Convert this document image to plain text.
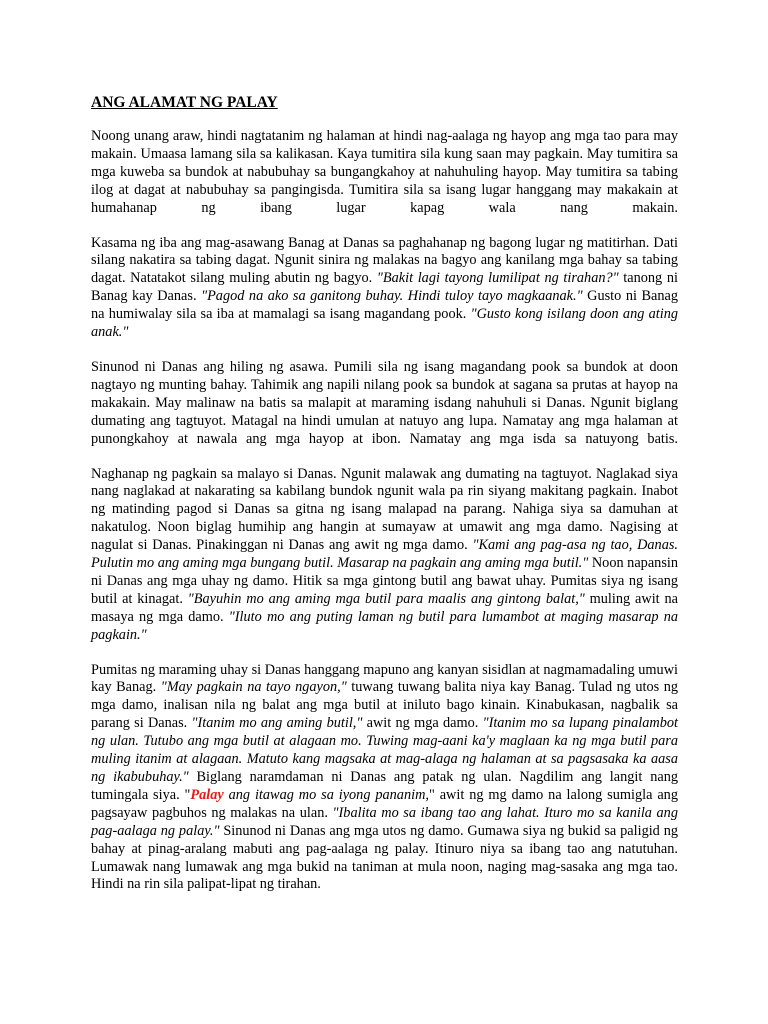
ANG ALAMAT NG PALAY

Noong unang araw, hindi nagtatanim ng halaman at hindi nag-aalaga ng hayop ang mga tao para may makain. Umaasa lamang sila sa kalikasan. Kaya tumitira sila kung saan may pagkain. May tumitira sa mga kuweba sa bundok at nabubuhay sa bungangkahoy at nahuhuling hayop. May tumitira sa tabing ilog at dagat at nabubuhay sa pangingisda. Tumitira sila sa isang lugar hanggang may makakain at humahanap ng ibang lugar kapag wala nang makain.

Kasama ng iba ang mag-asawang Banag at Danas sa paghahanap ng bagong lugar ng matitirhan. Dati silang nakatira sa tabing dagat. Ngunit sinira ng malakas na bagyo ang kanilang mga bahay sa tabing dagat. Natatakot silang muling abutin ng bagyo. "Bakit lagi tayong lumilipat ng tirahan?" tanong ni Banag kay Danas. "Pagod na ako sa ganitong buhay. Hindi tuloy tayo magkaanak." Gusto ni Banag na humiwalay sila sa iba at mamalagi sa isang magandang pook. "Gusto kong isilang doon ang ating anak."

Sinunod ni Danas ang hiling ng asawa. Pumili sila ng isang magandang pook sa bundok at doon nagtayo ng munting bahay. Tahimik ang napili nilang pook sa bundok at sagana sa prutas at hayop na makakain. May malinaw na batis sa malapit at maraming isdang nahuhuli si Danas. Ngunit biglang dumating ang tagtuyot. Matagal na hindi umulan at natuyo ang lupa. Namatay ang mga halaman at punongkahoy at nawala ang mga hayop at ibon. Namatay ang mga isda sa natuyong batis.

Naghanap ng pagkain sa malayo si Danas. Ngunit malawak ang dumating na tagtuyot. Naglakad siya nang naglakad at nakarating sa kabilang bundok ngunit wala pa rin siyang makitang pagkain. Inabot ng matinding pagod si Danas sa gitna ng isang malapad na parang. Nahiga siya sa damuhan at nakatulog. Noon biglag humihip ang hangin at sumayaw at umawit ang mga damo. Nagising at nagulat si Danas. Pinakinggan ni Danas ang awit ng mga damo. "Kami ang pag-asa ng tao, Danas. Pulutin mo ang aming mga bungang butil. Masarap na pagkain ang aming mga butil." Noon napansin ni Danas ang mga uhay ng damo. Hitik sa mga gintong butil ang bawat uhay. Pumitas siya ng isang butil at kinagat. "Bayuhin mo ang aming mga butil para maalis ang gintong balat," muling awit na masaya ng mga damo. "Iluto mo ang puting laman ng butil para lumambot at maging masarap na pagkain."

Pumitas ng maraming uhay si Danas hanggang mapuno ang kanyan sisidlan at nagmamadaling umuwi kay Banag. "May pagkain na tayo ngayon," tuwang tuwang balita niya kay Banag. Tulad ng utos ng mga damo, inalisan nila ng balat ang mga butil at iniluto bago kinain. Kinabukasan, nagbalik sa parang si Danas. "Itanim mo ang aming butil," awit ng mga damo. "Itanim mo sa lupang pinalambot ng ulan. Tutubo ang mga butil at alagaan mo. Tuwing mag-aani ka'y maglaan ka ng mga butil para muling itanim at alagaan. Matuto kang magsaka at mag-alaga ng halaman at sa pagsasaka ka aasa ng ikabubuhay." Biglang naramdaman ni Danas ang patak ng ulan. Nagdilim ang langit nang tumingala siya. "Palay ang itawag mo sa iyong pananim," awit ng mg damo na lalong sumigla ang pagsayaw pagbuhos ng malakas na ulan. "Ibalita mo sa ibang tao ang lahat. Ituro mo sa kanila ang pag-aalaga ng palay." Sinunod ni Danas ang mga utos ng damo. Gumawa siya ng bukid sa paligid ng bahay at pinag-aralang mabuti ang pag-aalaga ng palay. Itinuro niya sa ibang tao ang natutuhan. Lumawak nang lumawak ang mga bukid na taniman at mula noon, naging mag-sasaka ang mga tao. Hindi na rin sila palipat-lipat ng tirahan.
